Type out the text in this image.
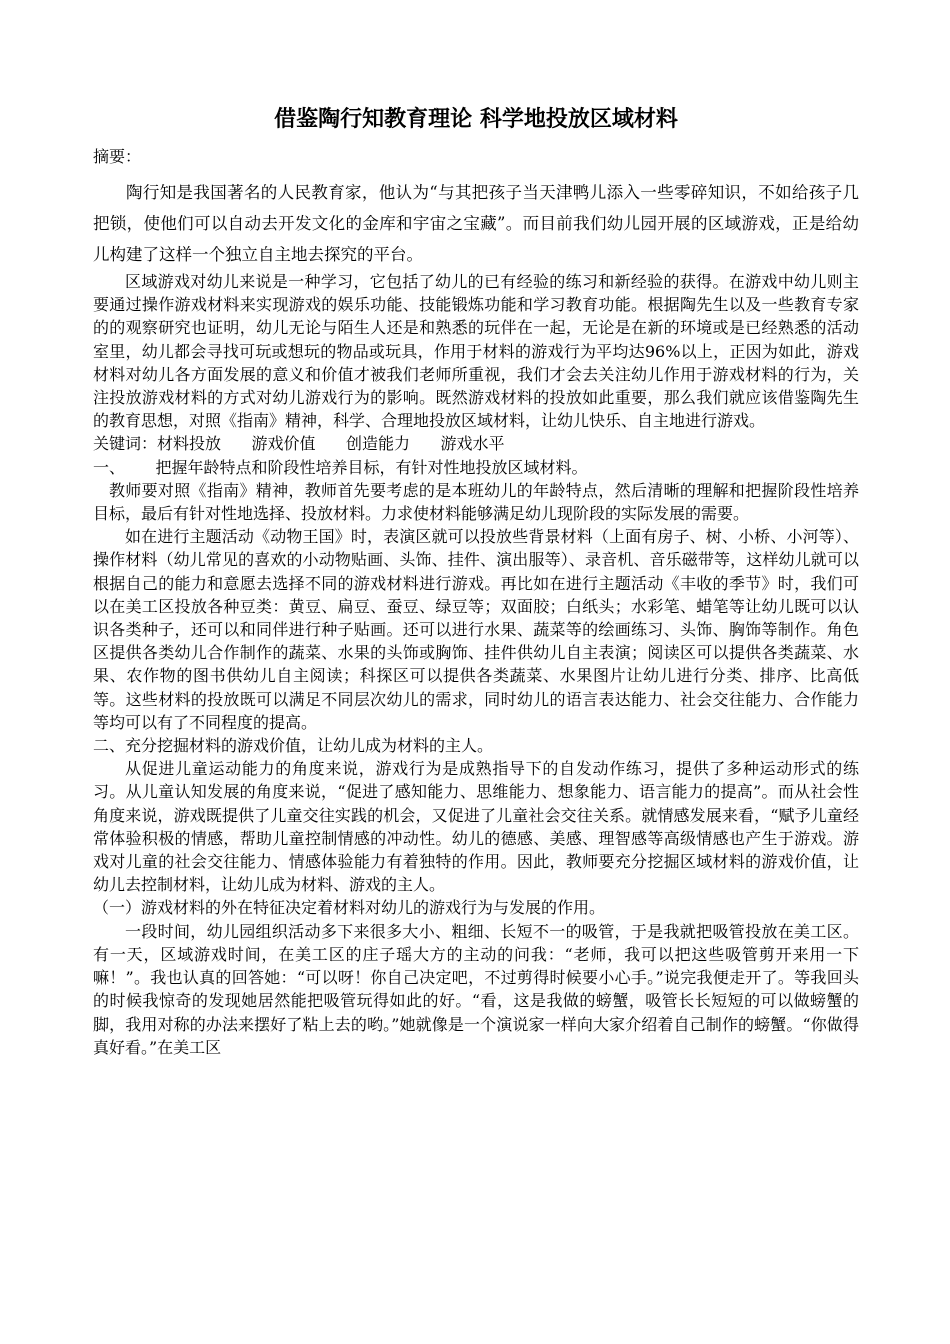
借鉴陶行知教育理论 科学地投放区域材料
摘要：

陶行知是我国著名的人民教育家，他认为“与其把孩子当天津鸭儿添入一些零碎知识，不如给孩子几把锁，使他们可以自动去开发文化的金库和宇宙之宝藏”。而目前我们幼儿园开展的区域游戏，正是给幼儿构建了这样一个独立自主地去探究的平台。

区域游戏对幼儿来说是一种学习，它包括了幼儿的已有经验的练习和新经验的获得。在游戏中幼儿则主要通过操作游戏材料来实现游戏的娱乐功能、技能锻炼功能和学习教育功能。根据陶先生以及一些教育专家的的观察研究也证明，幼儿无论与陌生人还是和熟悉的玩伴在一起，无论是在新的环境或是已经熟悉的活动室里，幼儿都会寻找可玩或想玩的物品或玩具，作用于材料的游戏行为平均达96%以上，正因为如此，游戏材料对幼儿各方面发展的意义和价值才被我们老师所重视，我们才会去关注幼儿作用于游戏材料的行为，关注投放游戏材料的方式对幼儿游戏行为的影响。既然游戏材料的投放如此重要，那么我们就应该借鉴陶先生的教育思想，对照《指南》精神，科学、合理地投放区域材料，让幼儿快乐、自主地进行游戏。

关键词：材料投放      游戏价值      创造能力      游戏水平
一、      把握年龄特点和阶段性培养目标，有针对性地投放区域材料。

教师要对照《指南》精神，教师首先要考虑的是本班幼儿的年龄特点，然后清晰的理解和把握阶段性培养目标，最后有针对性地选择、投放材料。力求使材料能够满足幼儿现阶段的实际发展的需要。

如在进行主题活动《动物王国》时，表演区就可以投放些背景材料（上面有房子、树、小桥、小河等）、操作材料（幼儿常见的喜欢的小动物贴画、头饰、挂件、演出服等）、录音机、音乐磁带等，这样幼儿就可以根据自己的能力和意愿去选择不同的游戏材料进行游戏。再比如在进行主题活动《丰收的季节》时，我们可以在美工区投放各种豆类：黄豆、扁豆、蚕豆、绿豆等；双面胶；白纸头；水彩笔、蜡笔等让幼儿既可以认识各类种子，还可以和同伴进行种子贴画。还可以进行水果、蔬菜等的绘画练习、头饰、胸饰等制作。角色区提供各类幼儿合作制作的蔬菜、水果的头饰或胸饰、挂件供幼儿自主表演；阅读区可以提供各类蔬菜、水果、农作物的图书供幼儿自主阅读；科探区可以提供各类蔬菜、水果图片让幼儿进行分类、排序、比高低等。这些材料的投放既可以满足不同层次幼儿的需求，同时幼儿的语言表达能力、社会交往能力、合作能力等均可以有了不同程度的提高。

二、充分挖掘材料的游戏价值，让幼儿成为材料的主人。

从促进儿童运动能力的角度来说，游戏行为是成熟指导下的自发动作练习，提供了多种运动形式的练习。从儿童认知发展的角度来说，“促进了感知能力、思维能力、想象能力、语言能力的提高”。而从社会性角度来说，游戏既提供了儿童交往实践的机会，又促进了儿童社会交往关系。就情感发展来看，“赋予儿童经常体验积极的情感，帮助儿童控制情感的冲动性。幼儿的德感、美感、理智感等高级情感也产生于游戏。游戏对儿童的社会交往能力、情感体验能力有着独特的作用。因此，教师要充分挖掘区域材料的游戏价值，让幼儿去控制材料，让幼儿成为材料、游戏的主人。

（一）游戏材料的外在特征决定着材料对幼儿的游戏行为与发展的作用。

一段时间，幼儿园组织活动多下来很多大小、粗细、长短不一的吸管，于是我就把吸管投放在美工区。有一天，区域游戏时间，在美工区的庄子瑶大方的主动的问我：“老师，我可以把这些吸管剪开来用一下嘛！”。我也认真的回答她：“可以呀！你自己决定吧，不过剪得时候要小心手。”说完我便走开了。等我回头的时候我惊奇的发现她居然能把吸管玩得如此的好。“看，这是我做的螃蟹，吸管长长短短的可以做螃蟹的脚，我用对称的办法来摆好了粘上去的哟。”她就像是一个演说家一样向大家介绍着自己制作的螃蟹。“你做得真好看。”在美工区
